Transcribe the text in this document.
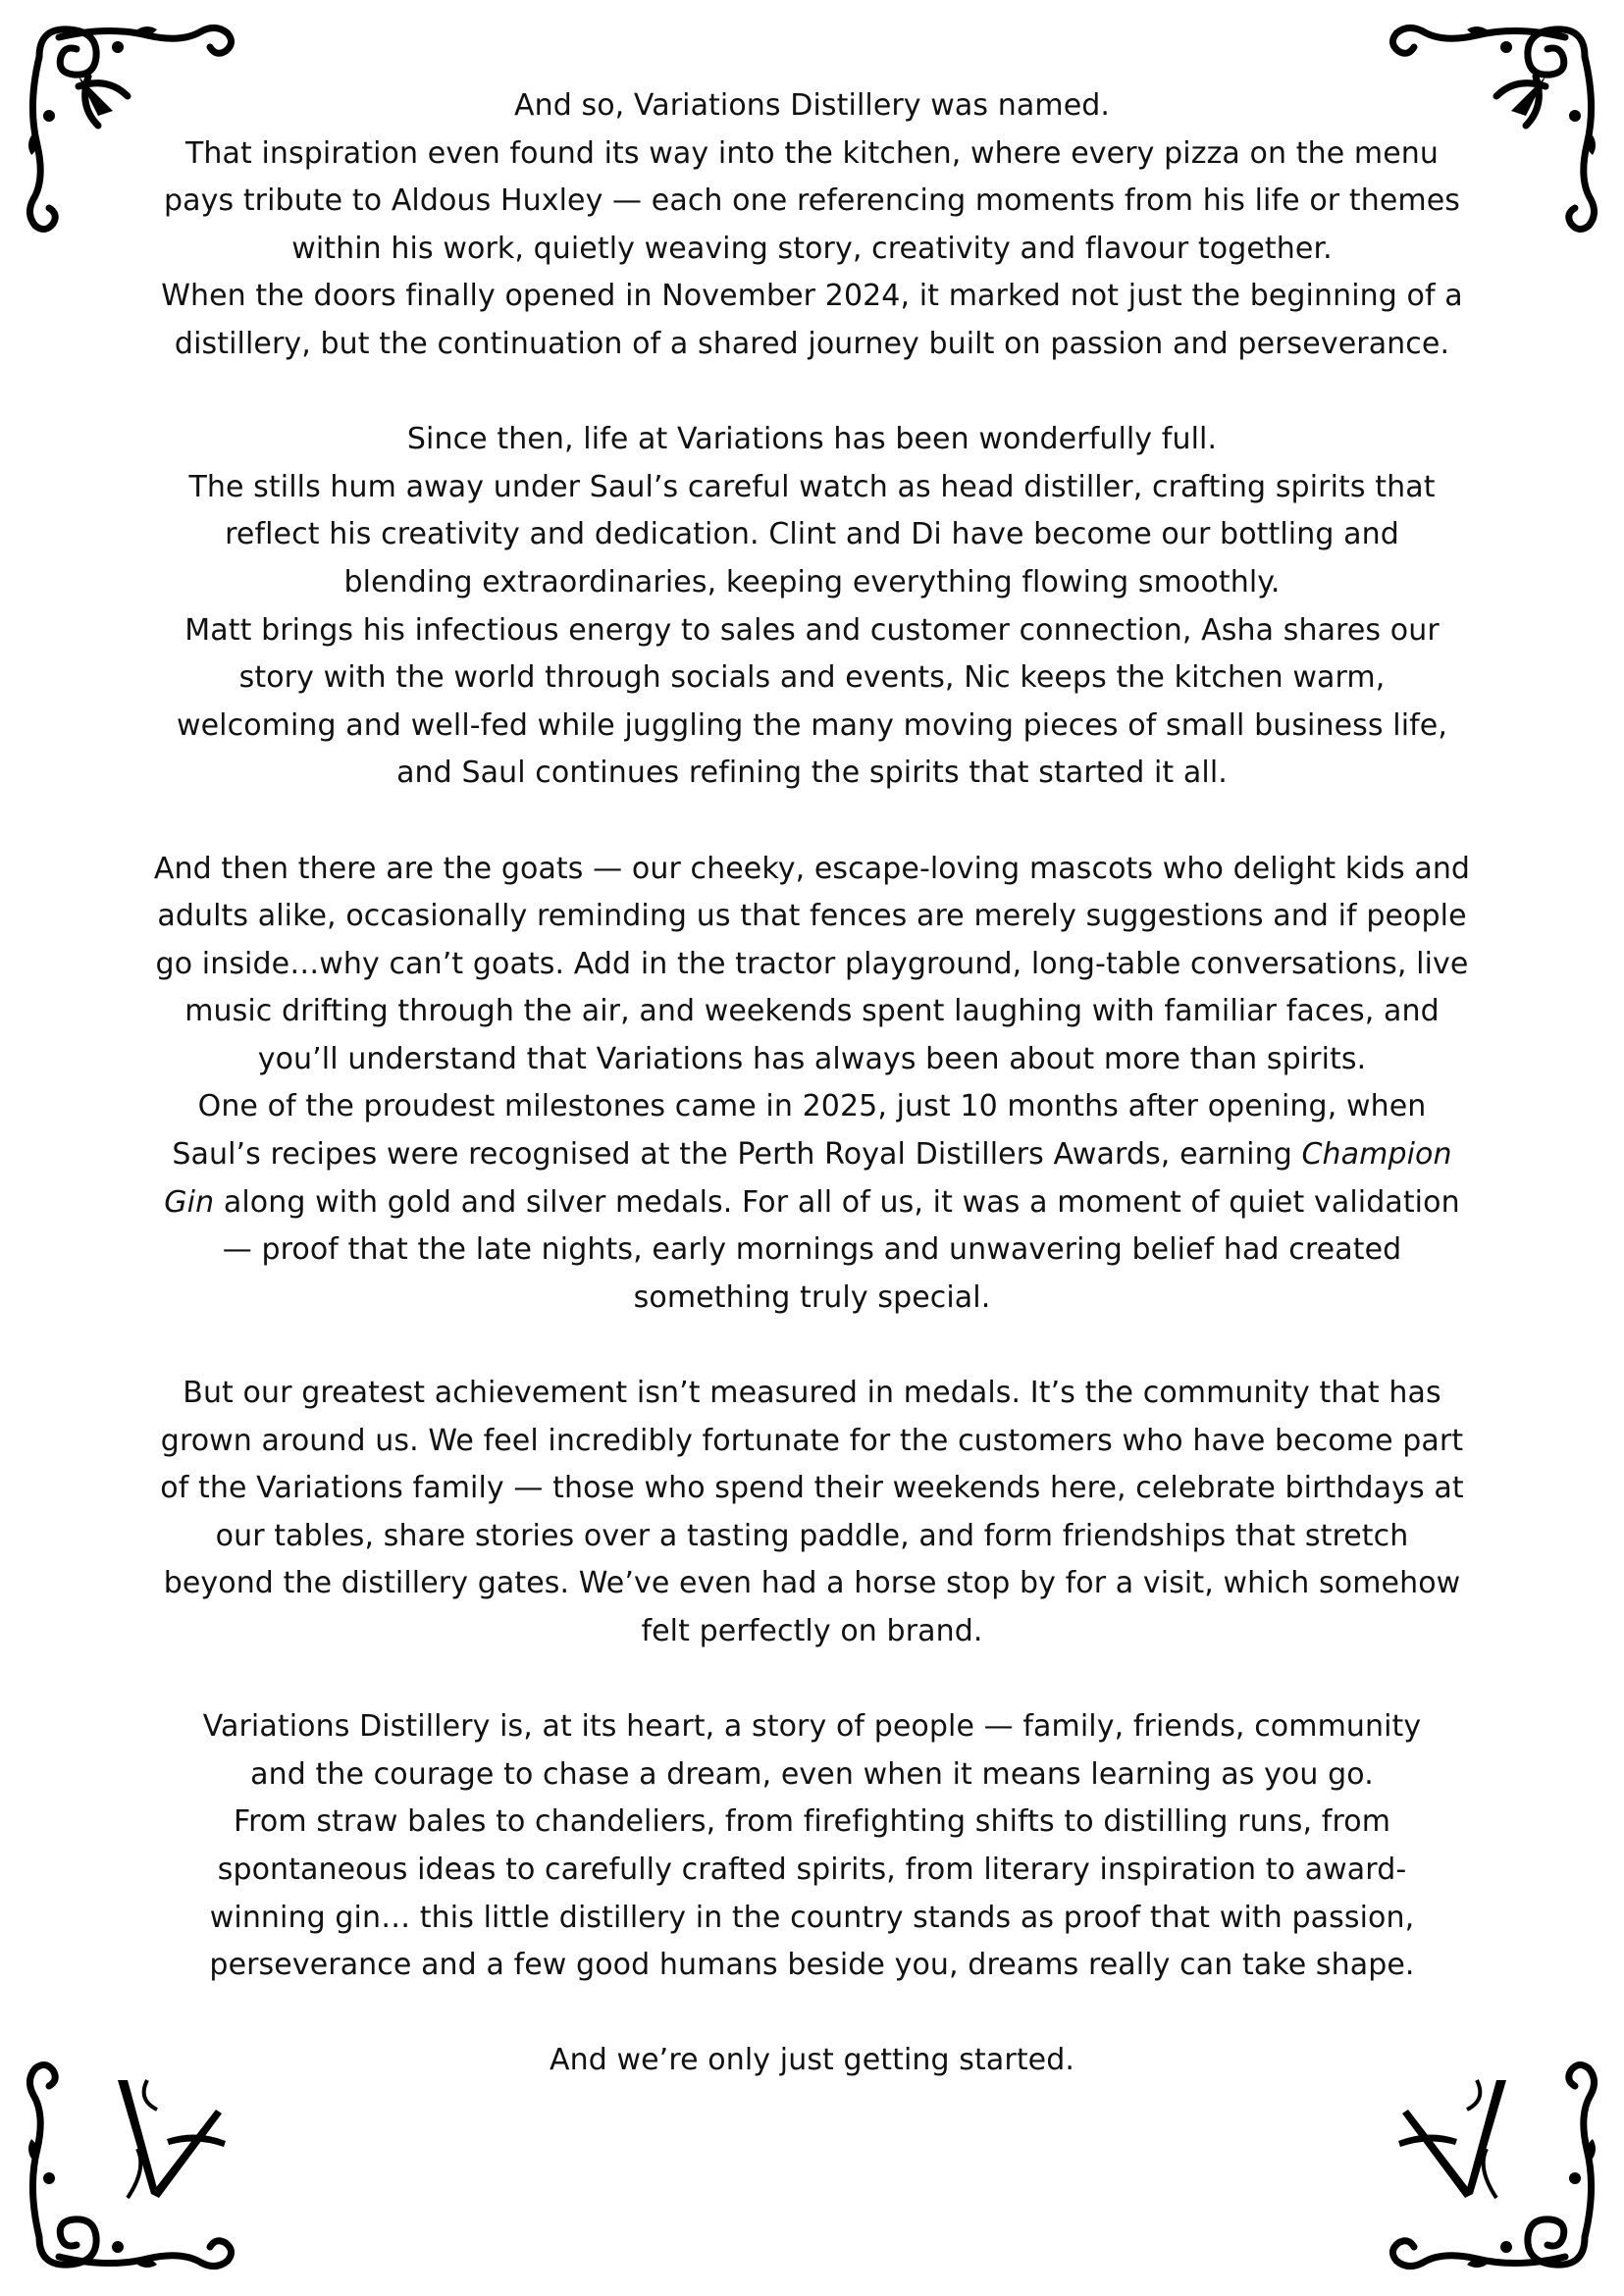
And so, Variations Distillery was named.
That inspiration even found its way into the kitchen, where every pizza on the menu
pays tribute to Aldous Huxley — each one referencing moments from his life or themes
within his work, quietly weaving story, creativity and flavour together.
When the doors finally opened in November 2024, it marked not just the beginning of a
distillery, but the continuation of a shared journey built on passion and perseverance.

Since then, life at Variations has been wonderfully full.
The stills hum away under Saul’s careful watch as head distiller, crafting spirits that
reflect his creativity and dedication. Clint and Di have become our bottling and
blending extraordinaries, keeping everything flowing smoothly.
Matt brings his infectious energy to sales and customer connection, Asha shares our
story with the world through socials and events, Nic keeps the kitchen warm,
welcoming and well-fed while juggling the many moving pieces of small business life,
and Saul continues refining the spirits that started it all.

And then there are the goats — our cheeky, escape-loving mascots who delight kids and
adults alike, occasionally reminding us that fences are merely suggestions and if people
go inside…why can’t goats. Add in the tractor playground, long-table conversations, live
music drifting through the air, and weekends spent laughing with familiar faces, and
you’ll understand that Variations has always been about more than spirits.
One of the proudest milestones came in 2025, just 10 months after opening, when
Saul’s recipes were recognised at the Perth Royal Distillers Awards, earning Champion
Gin along with gold and silver medals. For all of us, it was a moment of quiet validation
— proof that the late nights, early mornings and unwavering belief had created
something truly special.

But our greatest achievement isn’t measured in medals. It’s the community that has
grown around us. We feel incredibly fortunate for the customers who have become part
of the Variations family — those who spend their weekends here, celebrate birthdays at
our tables, share stories over a tasting paddle, and form friendships that stretch
beyond the distillery gates. We’ve even had a horse stop by for a visit, which somehow
felt perfectly on brand.

Variations Distillery is, at its heart, a story of people — family, friends, community
and the courage to chase a dream, even when it means learning as you go.
From straw bales to chandeliers, from firefighting shifts to distilling runs, from
spontaneous ideas to carefully crafted spirits, from literary inspiration to award-
winning gin… this little distillery in the country stands as proof that with passion,
perseverance and a few good humans beside you, dreams really can take shape.

And we’re only just getting started.
